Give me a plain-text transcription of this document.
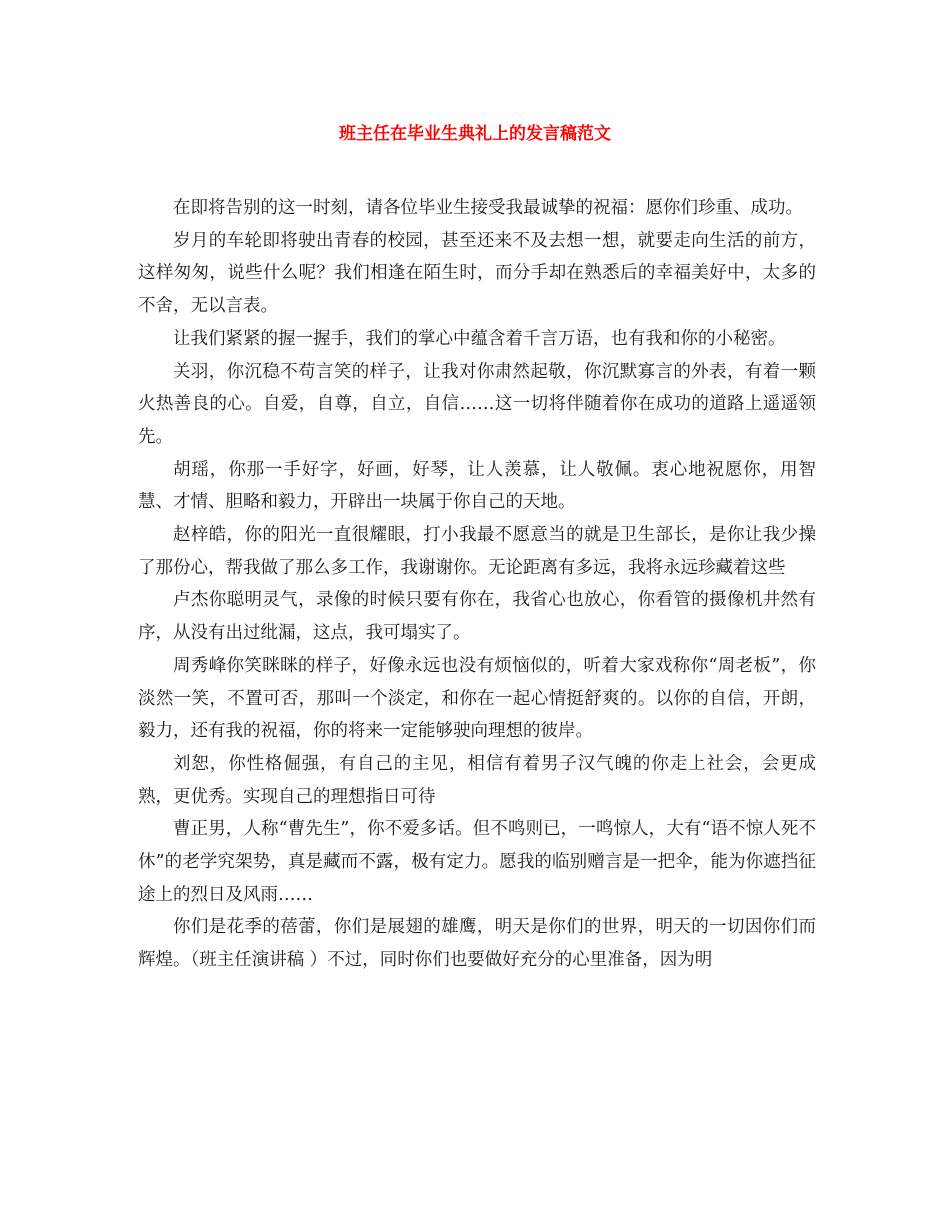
班主任在毕业生典礼上的发言稿范文

在即将告别的这一时刻，请各位毕业生接受我最诚挚的祝福：愿你们珍重、成功。

岁月的车轮即将驶出青春的校园，甚至还来不及去想一想，就要走向生活的前方，这样匆匆，说些什么呢？我们相逢在陌生时，而分手却在熟悉后的幸福美好中，太多的不舍，无以言表。

让我们紧紧的握一握手，我们的掌心中蕴含着千言万语，也有我和你的小秘密。

关羽，你沉稳不苟言笑的样子，让我对你肃然起敬，你沉默寡言的外表，有着一颗火热善良的心。自爱，自尊，自立，自信……这一切将伴随着你在成功的道路上遥遥领先。

胡瑶，你那一手好字，好画，好琴，让人羡慕，让人敬佩。衷心地祝愿你，用智慧、才情、胆略和毅力，开辟出一块属于你自己的天地。

赵梓皓，你的阳光一直很耀眼，打小我最不愿意当的就是卫生部长，是你让我少操了那份心，帮我做了那么多工作，我谢谢你。无论距离有多远，我将永远珍藏着这些

卢杰你聪明灵气，录像的时候只要有你在，我省心也放心，你看管的摄像机井然有序，从没有出过纰漏，这点，我可塌实了。

周秀峰你笑眯眯的样子，好像永远也没有烦恼似的，听着大家戏称你“周老板”，你淡然一笑，不置可否，那叫一个淡定，和你在一起心情挺舒爽的。以你的自信，开朗，毅力，还有我的祝福，你的将来一定能够驶向理想的彼岸。

刘恕，你性格倔强，有自己的主见，相信有着男子汉气魄的你走上社会，会更成熟，更优秀。实现自己的理想指日可待

曹正男，人称“曹先生”，你不爱多话。但不鸣则已，一鸣惊人，大有“语不惊人死不休”的老学究架势，真是藏而不露，极有定力。愿我的临别赠言是一把伞，能为你遮挡征途上的烈日及风雨……

你们是花季的蓓蕾，你们是展翅的雄鹰，明天是你们的世界，明天的一切因你们而辉煌。（班主任演讲稿 ）不过，同时你们也要做好充分的心里准备，因为明
